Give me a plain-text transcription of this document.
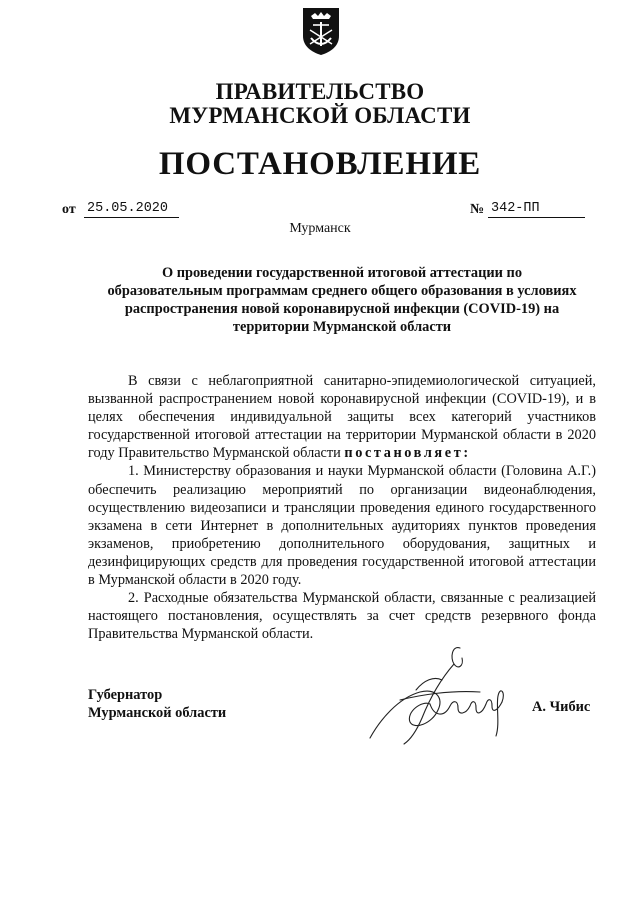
ПРАВИТЕЛЬСТВО
МУРМАНСКОЙ ОБЛАСТИ
ПОСТАНОВЛЕНИЕ
от 25.05.2020	№ 342-ПП
Мурманск
О проведении государственной итоговой аттестации по
образовательным программам среднего общего образования в условиях
распространения новой коронавирусной инфекции (COVID-19) на
территории Мурманской области

В связи с неблагоприятной санитарно-эпидемиологической ситуацией, вызванной распространением новой коронавирусной инфекции (COVID-19), и в целях обеспечения индивидуальной защиты всех категорий участников государственной итоговой аттестации на территории Мурманской области в 2020 году Правительство Мурманской области постановляет:

1. Министерству образования и науки Мурманской области (Головина А.Г.) обеспечить реализацию мероприятий по организации видеонаблюдения, осуществлению видеозаписи и трансляции проведения единого государственного экзамена в сети Интернет в дополнительных аудиториях пунктов проведения экзаменов, приобретению дополнительного оборудования, защитных и дезинфицирующих средств для проведения государственной итоговой аттестации в Мурманской области в 2020 году.

2. Расходные обязательства Мурманской области, связанные с реализацией настоящего постановления, осуществлять за счет средств резервного фонда Правительства Мурманской области.

Губернатор
Мурманской области	А. Чибис
